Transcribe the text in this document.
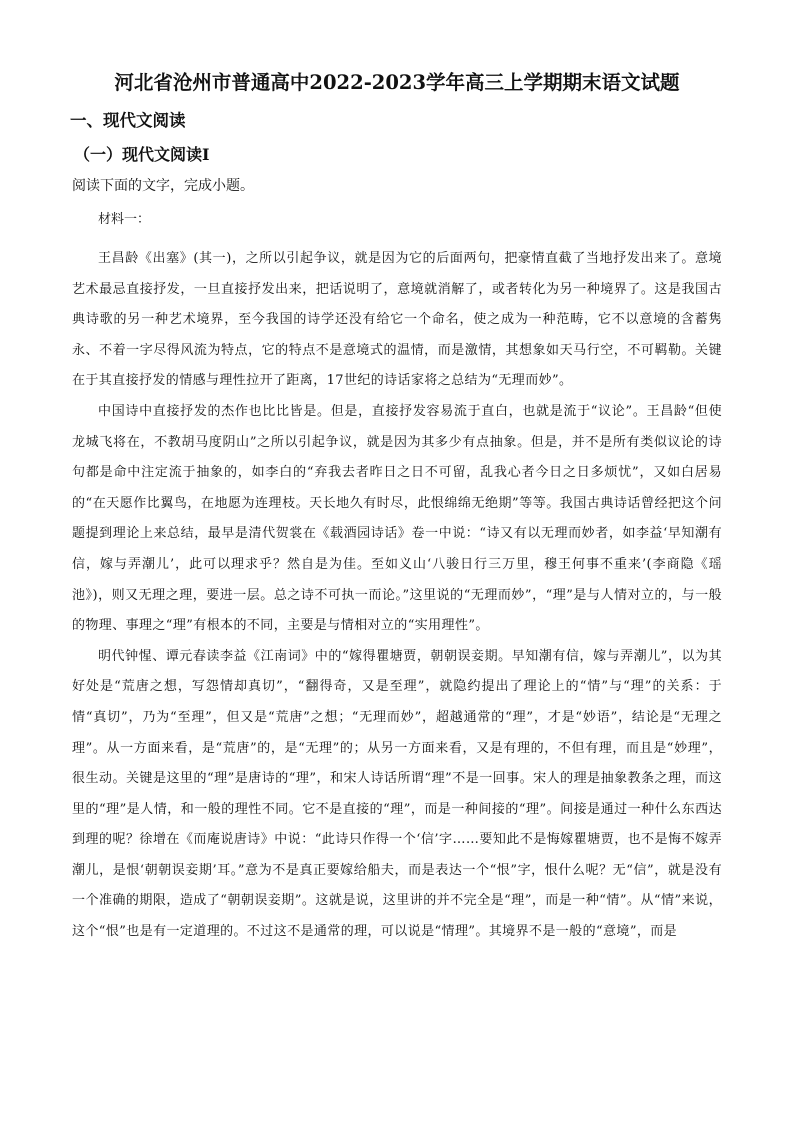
河北省沧州市普通高中2022-2023学年高三上学期期末语文试题
一、现代文阅读
（一）现代文阅读Ⅰ
阅读下面的文字，完成小题。
材料一：

王昌龄《出塞》(其一)，之所以引起争议，就是因为它的后面两句，把豪情直截了当地抒发出来了。意境艺术最忌直接抒发，一旦直接抒发出来，把话说明了，意境就消解了，或者转化为另一种境界了。这是我国古典诗歌的另一种艺术境界，至今我国的诗学还没有给它一个命名，使之成为一种范畴，它不以意境的含蓄隽永、不着一字尽得风流为特点，它的特点不是意境式的温情，而是激情，其想象如天马行空，不可羁勒。关键在于其直接抒发的情感与理性拉开了距离，17世纪的诗话家将之总结为“无理而妙”。

中国诗中直接抒发的杰作也比比皆是。但是，直接抒发容易流于直白，也就是流于“议论”。王昌龄“但使龙城飞将在，不教胡马度阴山”之所以引起争议，就是因为其多少有点抽象。但是，并不是所有类似议论的诗句都是命中注定流于抽象的，如李白的“弃我去者昨日之日不可留，乱我心者今日之日多烦忧”，又如白居易的“在天愿作比翼鸟，在地愿为连理枝。天长地久有时尽，此恨绵绵无绝期”等等。我国古典诗话曾经把这个问题提到理论上来总结，最早是清代贺裳在《载酒园诗话》卷一中说：“诗又有以无理而妙者，如李益‘早知潮有信，嫁与弄潮儿’，此可以理求乎？然自是为佳。至如义山‘八骏日行三万里，穆王何事不重来’(李商隐《瑶池》)，则又无理之理，要进一层。总之诗不可执一而论。”这里说的“无理而妙”，“理”是与人情对立的，与一般的物理、事理之“理”有根本的不同，主要是与情相对立的“实用理性”。

明代钟惺、谭元春读李益《江南词》中的“嫁得瞿塘贾，朝朝误妾期。早知潮有信，嫁与弄潮儿”，以为其好处是“荒唐之想，写怨情却真切”，“翻得奇，又是至理”，就隐约提出了理论上的“情”与“理”的关系：于情“真切”，乃为“至理”，但又是“荒唐”之想；“无理而妙”，超越通常的“理”，才是“妙语”，结论是“无理之理”。从一方面来看，是“荒唐”的，是“无理”的；从另一方面来看，又是有理的，不但有理，而且是“妙理”，很生动。关键是这里的“理”是唐诗的“理”，和宋人诗话所谓“理”不是一回事。宋人的理是抽象教条之理，而这里的“理”是人情，和一般的理性不同。它不是直接的“理”，而是一种间接的“理”。间接是通过一种什么东西达到理的呢？徐增在《而庵说唐诗》中说：“此诗只作得一个‘信’字……要知此不是悔嫁瞿塘贾，也不是悔不嫁弄潮儿，是恨‘朝朝误妾期’耳。”意为不是真正要嫁给船夫，而是表达一个“恨”字，恨什么呢？无“信”，就是没有一个准确的期限，造成了“朝朝误妾期”。这就是说，这里讲的并不完全是“理”，而是一种“情”。从“情”来说，这个“恨”也是有一定道理的。不过这不是通常的理，可以说是“情理”。其境界不是一般的“意境”，而是
